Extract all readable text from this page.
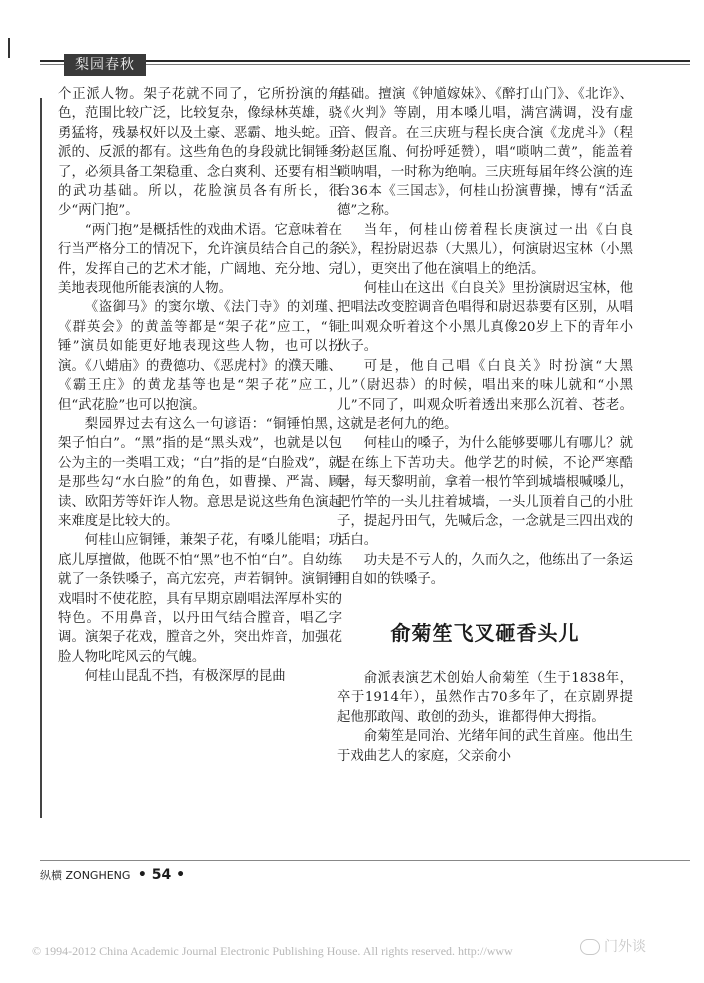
梨园春秋

个正派人物。架子花就不同了，它所扮演的角色，范围比较广泛，比较复杂，像绿林英雄，骁勇猛将，残暴权奸以及土豪、恶霸、地头蛇。正派的、反派的都有。这些角色的身段就比铜锤多了，必须具备工架稳重、念白爽利、还要有相当的武功基础。所以，花脸演员各有所长，很少“两门抱”。

“两门抱”是概括性的戏曲术语。它意味着在行当严格分工的情况下，允许演员结合自己的条件，发挥自己的艺术才能，广阔地、充分地、完美地表现他所能表演的人物。

《盗御马》的窦尔墩、《法门寺》的刘瑾、《群英会》的黄盖等都是“架子花”应工，“铜锤”演员如能更好地表现这些人物，也可以扮演。《八蜡庙》的费德功、《恶虎村》的濮天雕、《霸王庄》的黄龙基等也是“架子花”应工，但“武花脸”也可以抱演。

梨园界过去有这么一句谚语：“铜锤怕黑，架子怕白”。“黑”指的是“黑头戏”，也就是以包公为主的一类唱工戏；“白”指的是“白脸戏”，就是那些勾“水白脸”的角色，如曹操、严嵩、顾读、欧阳芳等奸诈人物。意思是说这些角色演起来难度是比较大的。

何桂山应铜锤，兼架子花，有嗓儿能唱；功底儿厚擅做，他既不怕“黑”也不怕“白”。自幼练就了一条铁嗓子，高亢宏亮，声若铜钟。演铜锤戏唱时不使花腔，具有早期京剧唱法浑厚朴实的特色。不用鼻音，以丹田气结合膛音，唱乙字调。演架子花戏，膛音之外，突出炸音，加强花脸人物叱咤风云的气魄。

何桂山昆乱不挡，有极深厚的昆曲

基础。擅演《钟馗嫁妹》、《醉打山门》、《北诈》、《火判》等剧，用本嗓儿唱，满宫满调，没有虚音、假音。在三庆班与程长庚合演《龙虎斗》（程扮赵匡胤、何扮呼延赞），唱“唢呐二黄”，能盖着唢呐唱，一时称为绝响。三庆班每届年终公演的连台36本《三国志》，何桂山扮演曹操，博有“活孟德”之称。

当年，何桂山傍着程长庚演过一出《白良关》，程扮尉迟恭（大黑儿），何演尉迟宝林（小黑儿），更突出了他在演唱上的绝活。

何桂山在这出《白良关》里扮演尉迟宝林，他把唱法改变腔调音色唱得和尉迟恭要有区别，从唱上叫观众听着这个小黑儿真像20岁上下的青年小伙子。

可是，他自己唱《白良关》时扮演“大黑儿”（尉迟恭）的时候，唱出来的味儿就和“小黑儿”不同了，叫观众听着透出来那么沉着、苍老。这就是老何九的绝。

何桂山的嗓子，为什么能够要哪儿有哪儿？就是在练上下苦功夫。他学艺的时候，不论严寒酷暑，每天黎明前，拿着一根竹竿到城墙根喊嗓儿，把竹竿的一头儿拄着城墙，一头儿顶着自己的小肚子，提起丹田气，先喊后念，一念就是三四出戏的话白。

功夫是不亏人的，久而久之，他练出了一条运用自如的铁嗓子。

俞菊笙飞叉砸香头儿

俞派表演艺术创始人俞菊笙（生于1838年，卒于1914年），虽然作古70多年了，在京剧界提起他那敢闯、敢创的劲头，谁都得伸大拇指。

俞菊笙是同治、光绪年间的武生首座。他出生于戏曲艺人的家庭，父亲俞小

纵横 ZONGHENG • 54 •
© 1994-2012 China Academic Journal Electronic Publishing House. All rights reserved. http://www	门外谈
